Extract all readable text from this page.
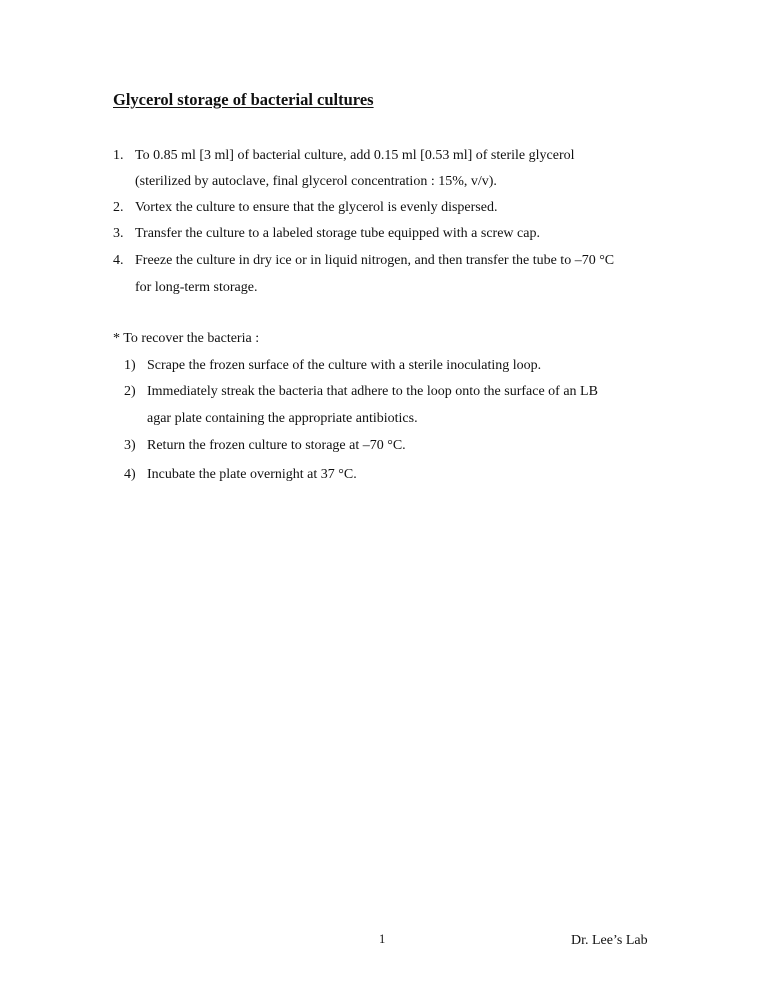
Glycerol storage of bacterial cultures
1. To 0.85 ml [3 ml] of bacterial culture, add 0.15 ml [0.53 ml] of sterile glycerol
(sterilized by autoclave, final glycerol concentration : 15%, v/v).
2. Vortex the culture to ensure that the glycerol is evenly dispersed.
3. Transfer the culture to a labeled storage tube equipped with a screw cap.
4. Freeze the culture in dry ice or in liquid nitrogen, and then transfer the tube to –70 °C
for long-term storage.
* To recover the bacteria :
1) Scrape the frozen surface of the culture with a sterile inoculating loop.
2) Immediately streak the bacteria that adhere to the loop onto the surface of an LB
agar plate containing the appropriate antibiotics.
3) Return the frozen culture to storage at –70 °C.
4) Incubate the plate overnight at 37 °C.
1	Dr. Lee’s Lab
